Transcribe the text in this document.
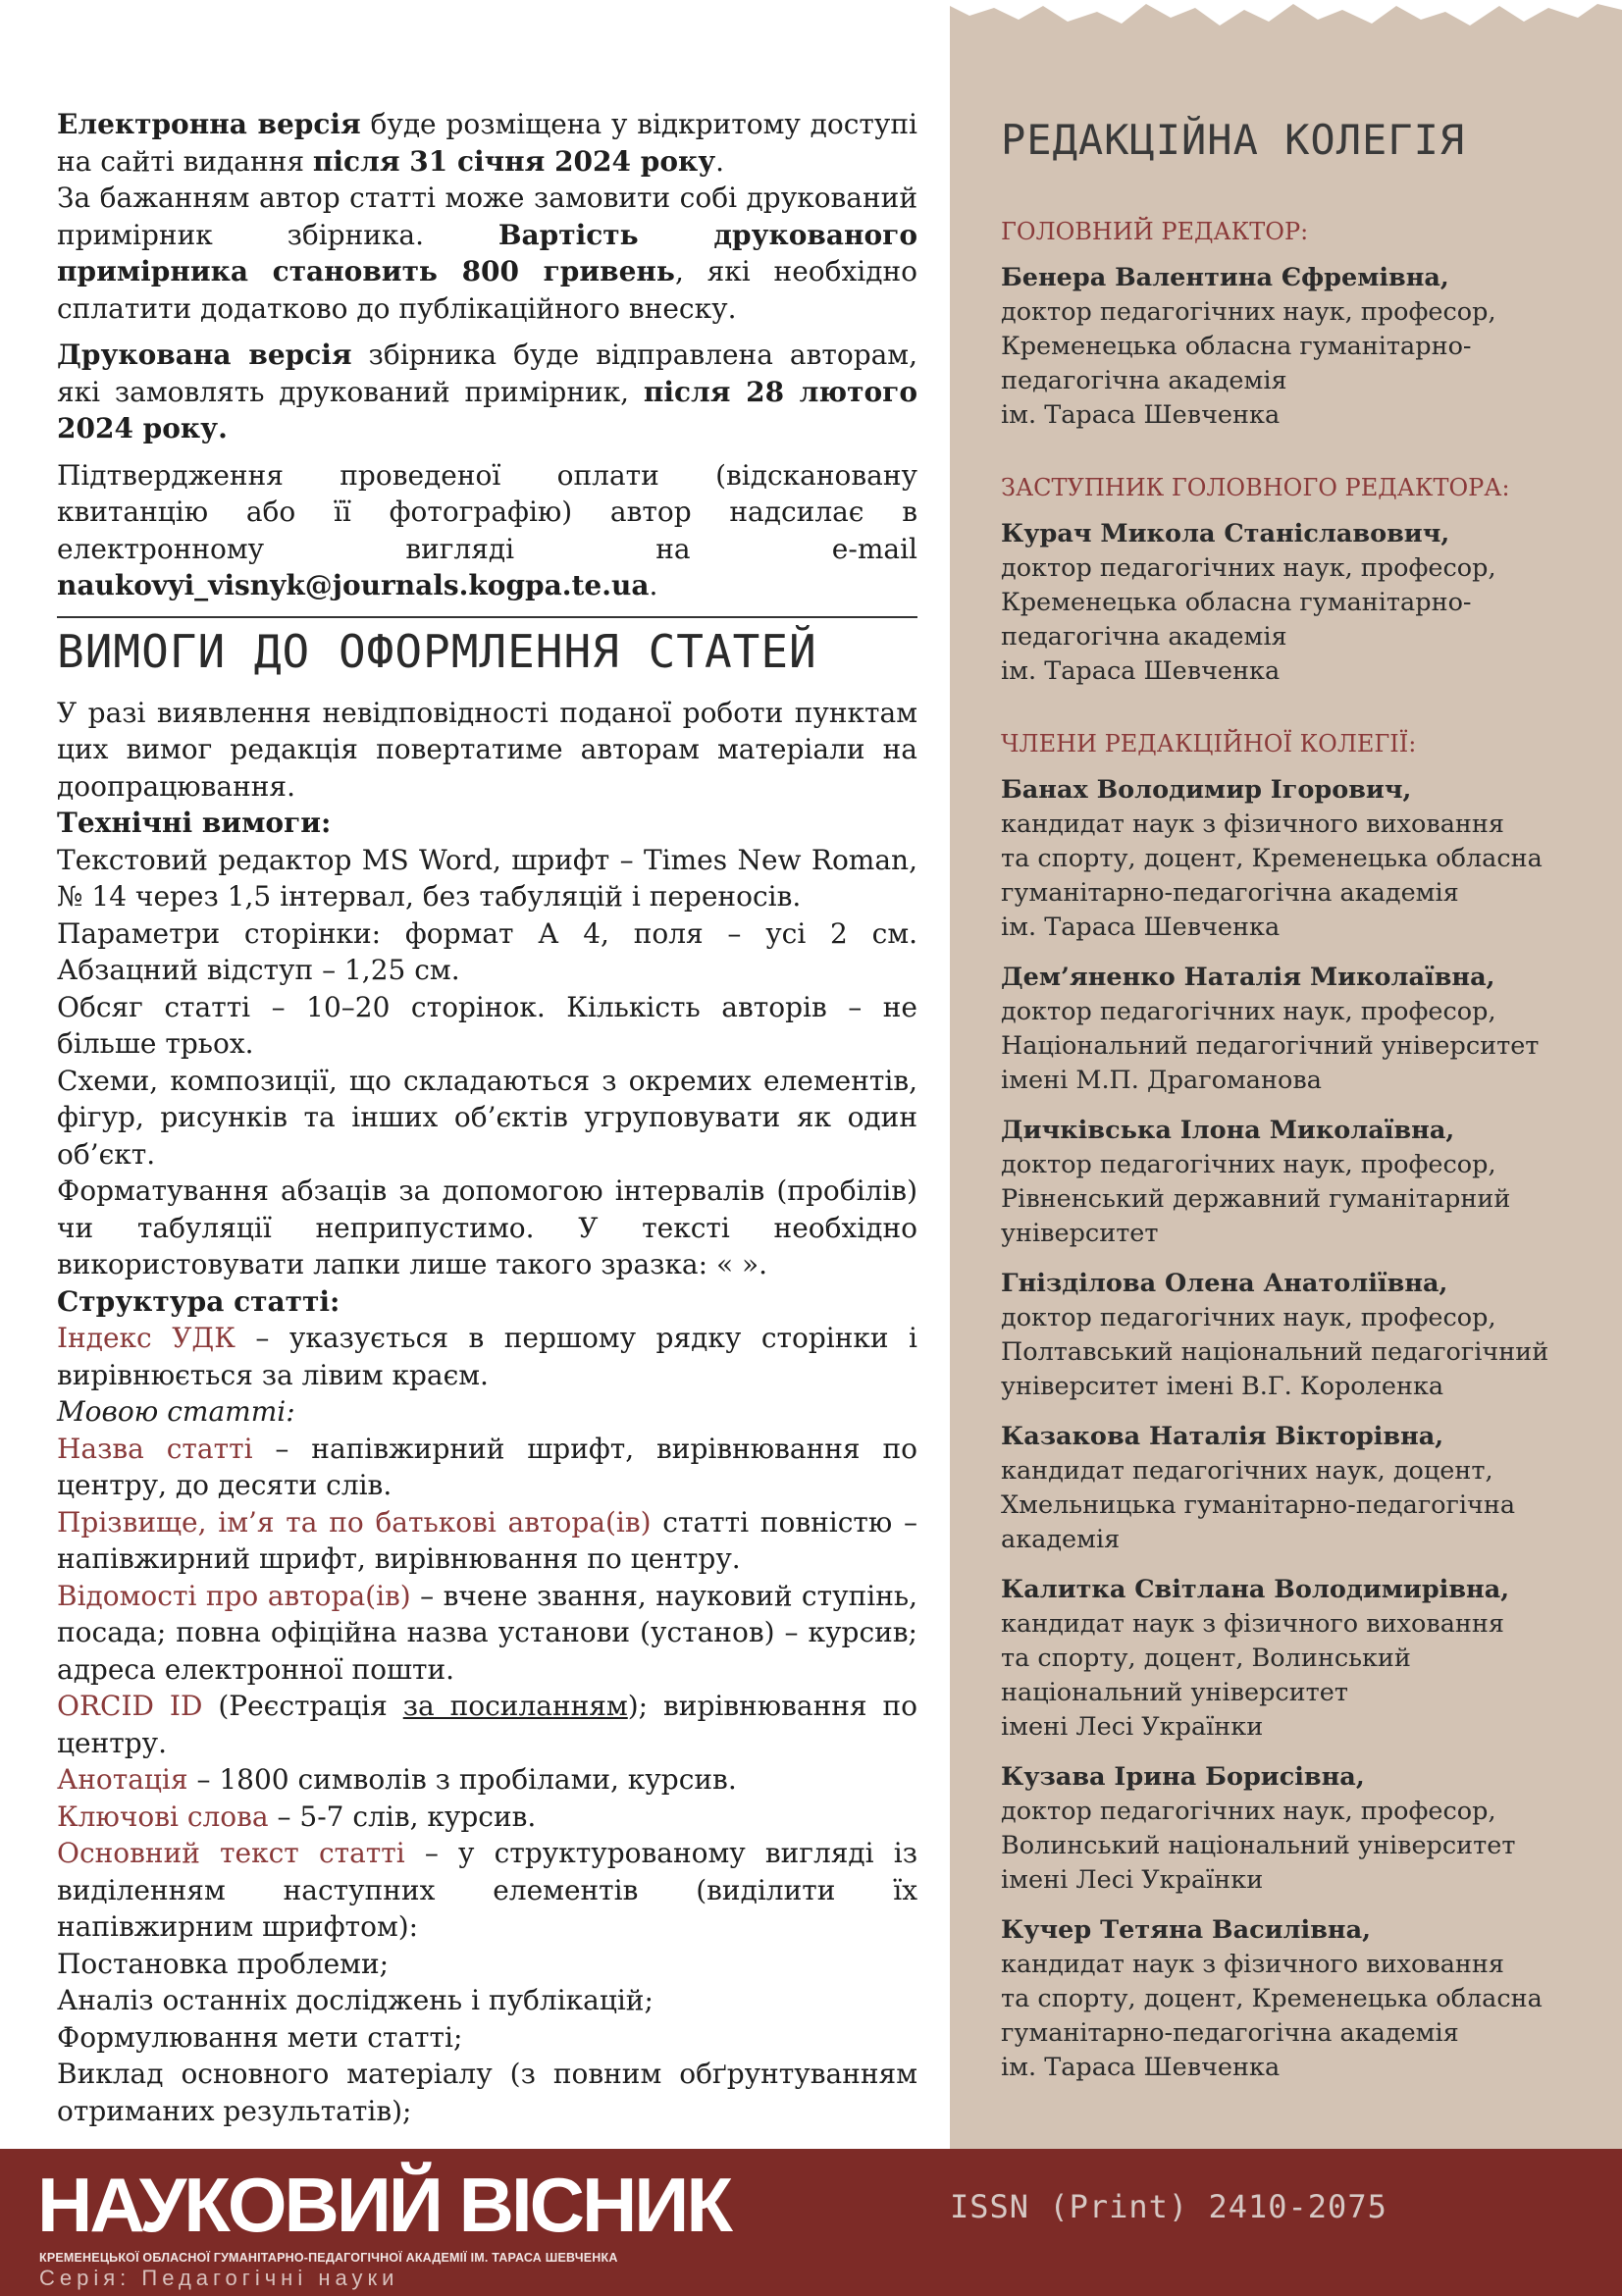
Електронна версія буде розміщена у відкритому доступі на сайті видання після 31 січня 2024 року.

За бажанням автор статті може замовити собі друкований примірник збірника. Вартість друкованого примірника становить 800 гривень, які необхідно сплатити додатково до публікаційного внеску.

Друкована версія збірника буде відправлена авторам, які замовлять друкований примірник, після 28 лютого 2024 року.

Підтвердження проведеної оплати (відскановану квитанцію або її фотографію) автор надсилає в електронному вигляді на e-mail naukovyi_visnyk@journals.kogpa.te.ua.

ВИМОГИ ДО ОФОРМЛЕННЯ СТАТЕЙ

У разі виявлення невідповідності поданої роботи пунктам цих вимог редакція повертатиме авторам матеріали на доопрацювання.

Технічні вимоги:

Текстовий редактор MS Word, шрифт – Times New Roman, № 14 через 1,5 інтервал, без табуляцій і переносів.

Параметри сторінки: формат А 4, поля – усі 2 см. Абзацний відступ – 1,25 см.

Обсяг статті – 10–20 сторінок. Кількість авторів – не більше трьох.

Схеми, композиції, що складаються з окремих елементів, фігур, рисунків та інших об’єктів угруповувати як один об’єкт.

Форматування абзаців за допомогою інтервалів (пробілів) чи табуляції неприпустимо. У тексті необхідно використовувати лапки лише такого зразка: « ».

Структура статті:

Індекс УДК – указується в першому рядку сторінки і вирівнюється за лівим краєм.

Мовою статті:

Назва статті – напівжирний шрифт, вирівнювання по центру, до десяти слів.

Прізвище, ім’я та по батькові автора(ів) статті повністю – напівжирний шрифт, вирівнювання по центру.

Відомості про автора(ів) – вчене звання, науковий ступінь, посада; повна офіційна назва установи (установ) – курсив; адреса електронної пошти.

ORCID ID (Реєстрація за посиланням); вирівнювання по центру.

Анотація – 1800 символів з пробілами, курсив.

Ключові слова – 5-7 слів, курсив.

Основний текст статті – у структурованому вигляді із виділенням наступних елементів (виділити їх напівжирним шрифтом):

Постановка проблеми;

Аналіз останніх досліджень і публікацій;

Формулювання мети статті;

Виклад основного матеріалу (з повним обґрунтуванням отриманих результатів);

РЕДАКЦІЙНА КОЛЕГІЯ
ГОЛОВНИЙ РЕДАКТОР:
Бенера Валентина Єфремівна,
доктор педагогічних наук, професор,
Кременецька обласна гуманітарно-
педагогічна академія
ім. Тараса Шевченка
ЗАСТУПНИК ГОЛОВНОГО РЕДАКТОРА:
Курач Микола Станіславович,
доктор педагогічних наук, професор,
Кременецька обласна гуманітарно-
педагогічна академія
ім. Тараса Шевченка
ЧЛЕНИ РЕДАКЦІЙНОЇ КОЛЕГІЇ:
Банах Володимир Ігорович,
кандидат наук з фізичного виховання
та спорту, доцент, Кременецька обласна
гуманітарно-педагогічна академія
ім. Тараса Шевченка
Дем’яненко Наталія Миколаївна,
доктор педагогічних наук, професор,
Національний педагогічний університет
імені М.П. Драгоманова
Дичківська Ілона Миколаївна,
доктор педагогічних наук, професор,
Рівненський державний гуманітарний
університет
Гнізділова Олена Анатоліївна,
доктор педагогічних наук, професор,
Полтавський національний педагогічний
університет імені В.Г. Короленка
Казакова Наталія Вікторівна,
кандидат педагогічних наук, доцент,
Хмельницька гуманітарно-педагогічна
академія
Калитка Світлана Володимирівна,
кандидат наук з фізичного виховання
та спорту, доцент, Волинський
національний університет
імені Лесі Українки
Кузава Ірина Борисівна,
доктор педагогічних наук, професор,
Волинський національний університет
імені Лесі Українки
Кучер Тетяна Василівна,
кандидат наук з фізичного виховання
та спорту, доцент, Кременецька обласна
гуманітарно-педагогічна академія
ім. Тараса Шевченка
НАУКОВИЙ ВІСНИК
КРЕМЕНЕЦЬКОЇ ОБЛАСНОЇ ГУМАНІТАРНО-ПЕДАГОГІЧНОЇ АКАДЕМІЇ ІМ. ТАРАСА ШЕВЧЕНКА
Серія: Педагогічні науки
ISSN (Print) 2410-2075
